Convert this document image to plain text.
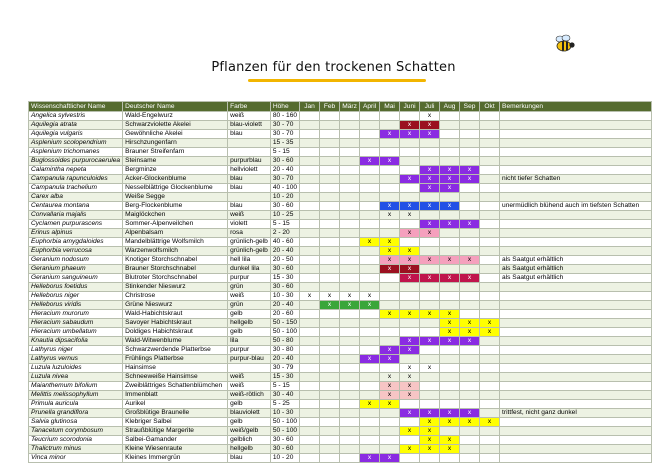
Pflanzen für den trockenen Schatten
Wissenschaftlicher Name	Deutscher Name	Farbe	Höhe	Jan	Feb	März	April	Mai	Juni	Juli	Aug	Sep	Okt	Bemerkungen
Angelica sylvestris	Wald-Engelwurz	weiß	80 - 160							x				
Aquilegia atrata	Schwarzviolette Akelei	blau-violett	30 - 70						x	x				
Aquilegia vulgaris	Gewöhnliche Akelei	blau	30 - 70					x	x	x				
Asplenium scolopendrium	Hirschzungenfarn		15 - 35											
Asplenium trichomanes	Brauner Streifenfarn		5 - 15											
Buglossoides purpurocaerulea	Steinsame	purpurblau	30 - 60				x	x						
Calamintha nepeta	Bergminze	hellviolett	20 - 40							x	x	x		
Campanula rapunculoides	Acker-Glockenblume	blau	30 - 70						x	x	x	x		nicht tiefer Schatten
Campanula trachelium	Nesselblättrige Glockenblume	blau	40 - 100							x	x			
Carex alba	Weiße Segge		10 - 20											
Centaurea montana	Berg-Flockenblume	blau	30 - 60					x	x	x	x			unermüdlich blühend auch im tiefsten Schatten
Convallaria majalis	Maiglöckchen	weiß	10 - 25					x	x					
Cyclamen purpurascens	Sommer-Alpenveilchen	violett	5 - 15							x	x	x		
Erinus alpinus	Alpenbalsam	rosa	2 - 20						x	x				
Euphorbia amygdaloides	Mandelblättrige Wolfsmilch	grünlich-gelb	40 - 60				x	x						
Euphorbia verrucosa	Warzenwolfsmilch	grünlich-gelb	20 - 40					x	x					
Geranium nodosum	Knotiger Storchschnabel	hell lila	20 - 50					x	x	x	x	x		als Saatgut erhältlich
Geranium phaeum	Brauner Storchschnabel	dunkel lila	30 - 60					x	x					als Saatgut erhältlich
Geranium sanguineum	Blutroter Storchschnabel	purpur	15 - 30						x	x	x	x		als Saatgut erhältlich
Helleborus foetidus	Stinkender Nieswurz	grün	30 - 60											
Helleborus niger	Christrose	weiß	10 - 30	x	x	x	x							
Helleborus viridis	Grüne Nieswurz	grün	20 - 40		x	x	x							
Hieracium murorum	Wald-Habichtskraut	gelb	20 - 60					x	x	x	x			
Hieracium sabaudum	Savoyer Habichtskraut	hellgelb	50 - 150								x	x	x	
Hieracium umbellatum	Doldiges Habichtskraut	gelb	50 - 100								x	x	x	
Knautia dipsacifolia	Wald-Witwenblume	lila	50 - 80						x	x	x	x		
Lathyrus niger	Schwarzwerdende Platterbse	purpur	30 - 80					x	x					
Lathyrus vernus	Frühlings Platterbse	purpur-blau	20 - 40				x	x						
Luzula luzuloides	Hainsimse		30 - 79						x	x				
Luzula nivea	Schneeweiße Hainsimse	weiß	15 - 30					x	x					
Maianthemum bifolium	Zweiblättriges Schattenblümchen	weiß	5 - 15					x	x					
Melittis melissophyllum	Immenblatt	weiß-rötlich	30 - 40					x	x					
Primula auricula	Aurikel	gelb	5 - 25				x	x						
Prunella grandiflora	Großblütige Braunelle	blauviolett	10 - 30						x	x	x	x		trittfest, nicht ganz dunkel
Salvia glutinosa	Klebriger Salbei	gelb	50 - 100							x	x	x	x	
Tanacetum corymbosum	Straußblütige Margerite	weiß/gelb	50 - 100						x	x				
Teucrium scorodonia	Salbei-Gamander	gelblich	30 - 60							x	x			
Thalictrum minus	Kleine Wiesenraute	hellgelb	30 - 60						x	x	x			
Vinca minor	Kleines Immergrün	blau	10 - 20				x	x						
